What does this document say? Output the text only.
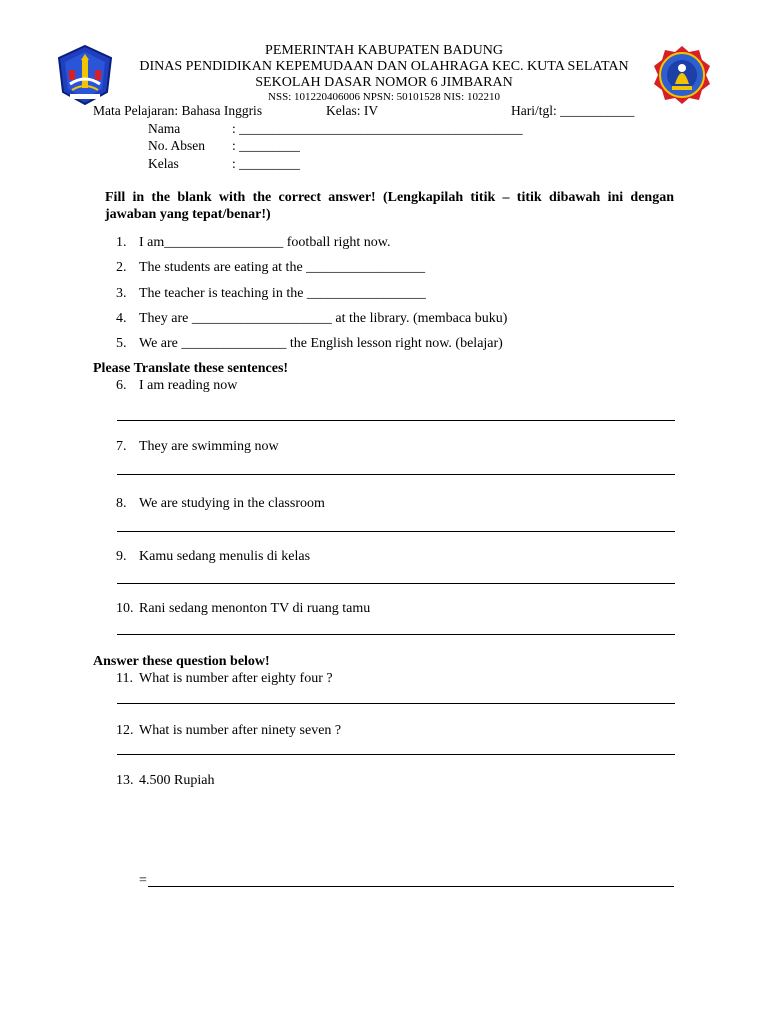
PEMERINTAH KABUPATEN BADUNG
DINAS PENDIDIKAN KEPEMUDAAN DAN OLAHRAGA KEC. KUTA SELATAN
SEKOLAH DASAR NOMOR 6 JIMBARAN
NSS: 101220406006 NPSN: 50101528 NIS: 102210
Mata Pelajaran: Bahasa Inggris	Kelas: IV	Hari/tgl: ___________
Nama	: __________________________________________
No. Absen : _________
Kelas	: _________
Fill in the blank with the correct answer! (Lengkapilah titik – titik dibawah ini dengan jawaban yang tepat/benar!)
1. I am_________________ football right now.
2. The students are eating at the _________________
3. The teacher is teaching in the _________________
4. They are ____________________ at the library. (membaca buku)
5. We are _______________ the English lesson right now. (belajar)
Please Translate these sentences!
6. I am reading now
7. They are swimming now
8. We are studying in the classroom
9. Kamu sedang menulis di kelas
10. Rani sedang menonton TV di ruang tamu
Answer these question below!
11. What is number after eighty four ?
12. What is number after ninety seven ?
13. 4.500 Rupiah
=
